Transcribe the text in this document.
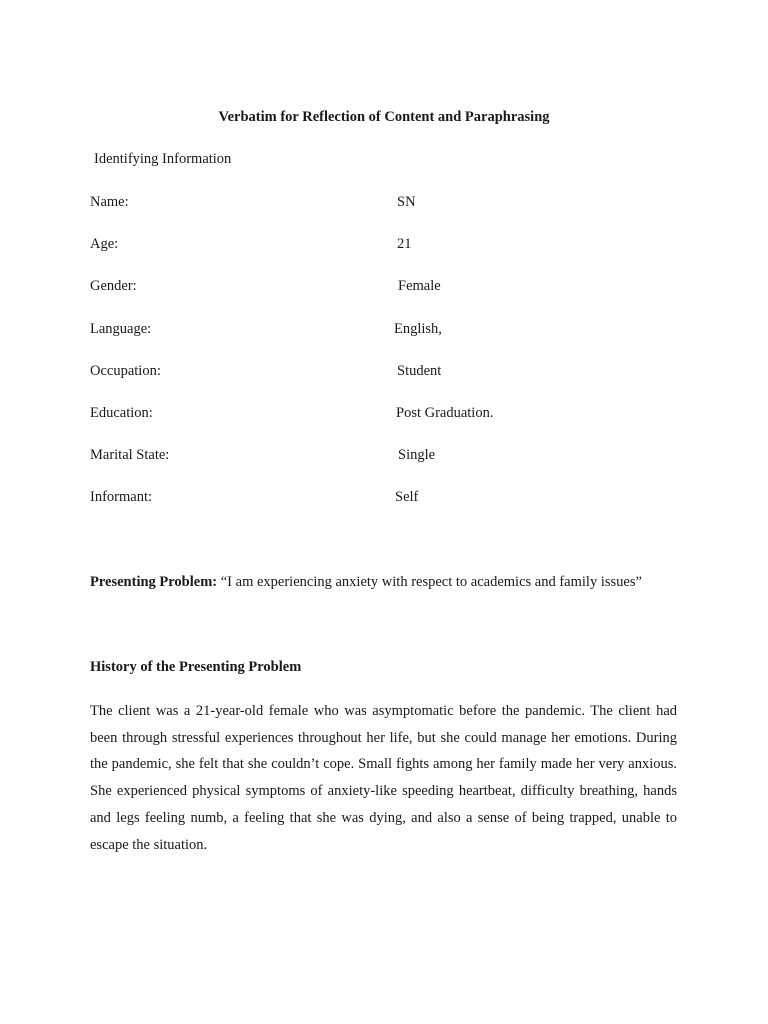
Verbatim for Reflection of Content and Paraphrasing
Identifying Information
Name:	SN
Age:	21
Gender:	Female
Language:	English,
Occupation:	Student
Education:	Post Graduation.
Marital State:	Single
Informant:	Self
Presenting Problem: “I am experiencing anxiety with respect to academics and family issues”
History of the Presenting Problem
The client was a 21-year-old female who was asymptomatic before the pandemic. The client had been through stressful experiences throughout her life, but she could manage her emotions. During the pandemic, she felt that she couldn’t cope. Small fights among her family made her very anxious. She experienced physical symptoms of anxiety-like speeding heartbeat, difficulty breathing, hands and legs feeling numb, a feeling that she was dying, and also a sense of being trapped, unable to escape the situation.
